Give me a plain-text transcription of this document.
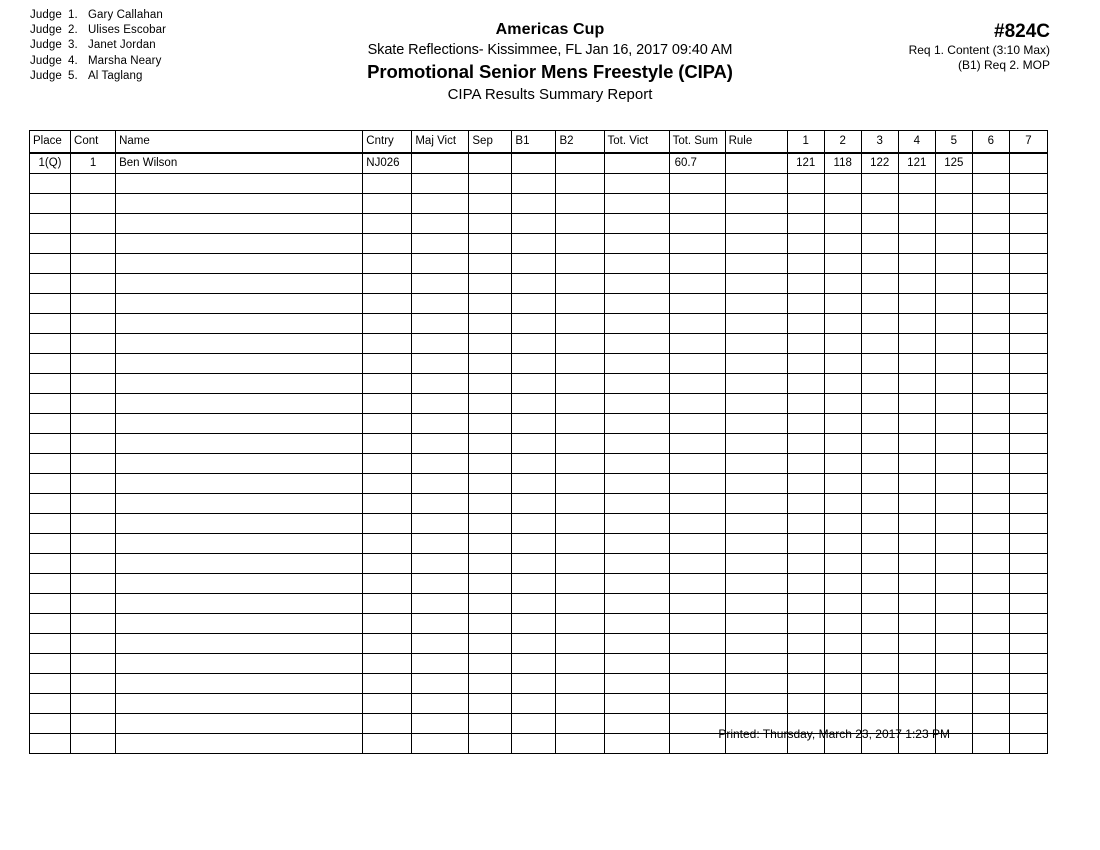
Judge 1. Gary Callahan
Judge 2. Ulises Escobar
Judge 3. Janet Jordan
Judge 4. Marsha Neary
Judge 5. Al Taglang
Americas Cup
Skate Reflections- Kissimmee, FL Jan 16, 2017 09:40 AM
Promotional Senior Mens Freestyle (CIPA)
CIPA Results Summary Report
#824C
Req 1. Content (3:10 Max)
(B1) Req 2. MOP
Place	Cont	Name	Cntry	Maj Vict	Sep	B1	B2	Tot. Vict	Tot. Sum	Rule	1	2	3	4	5	6	7
1(Q)	1	Ben Wilson	NJ026						60.7		121	118	122	121	125		

Printed: Thursday, March 23, 2017 1:23 PM
